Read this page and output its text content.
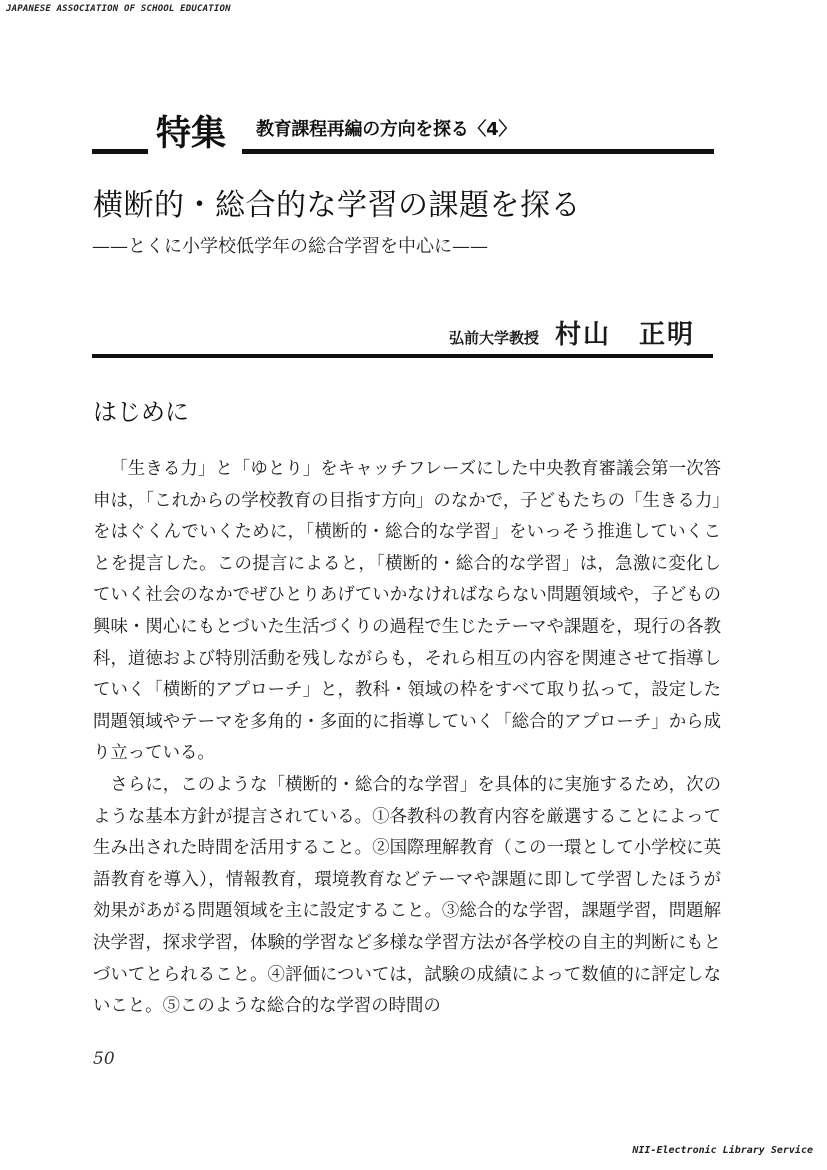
JAPANESE ASSOCIATION OF SCHOOL EDUCATION
特集 教育課程再編の方向を探る〈4〉
横断的・総合的な学習の課題を探る
——とくに小学校低学年の総合学習を中心に——
弘前大学教授 村山　正明
はじめに

「生きる力」と「ゆとり」をキャッチフレーズにした中央教育審議会第一次答申は，「これからの学校教育の目指す方向」のなかで，子どもたちの「生きる力」をはぐくんでいくために，「横断的・総合的な学習」をいっそう推進していくことを提言した。この提言によると，「横断的・総合的な学習」は，急激に変化していく社会のなかでぜひとりあげていかなければならない問題領域や，子どもの興味・関心にもとづいた生活づくりの過程で生じたテーマや課題を，現行の各教科，道徳および特別活動を残しながらも，それら相互の内容を関連させて指導していく「横断的アプローチ」と，教科・領域の枠をすべて取り払って，設定した問題領域やテーマを多角的・多面的に指導していく「総合的アプローチ」から成り立っている。

さらに，このような「横断的・総合的な学習」を具体的に実施するため，次のような基本方針が提言されている。①各教科の教育内容を厳選することによって生み出された時間を活用すること。②国際理解教育（この一環として小学校に英語教育を導入），情報教育，環境教育などテーマや課題に即して学習したほうが効果があがる問題領域を主に設定すること。③総合的な学習，課題学習，問題解決学習，探求学習，体験的学習など多様な学習方法が各学校の自主的判断にもとづいてとられること。④評価については，試験の成績によって数値的に評定しないこと。⑤このような総合的な学習の時間の

50
NII-Electronic Library Service
